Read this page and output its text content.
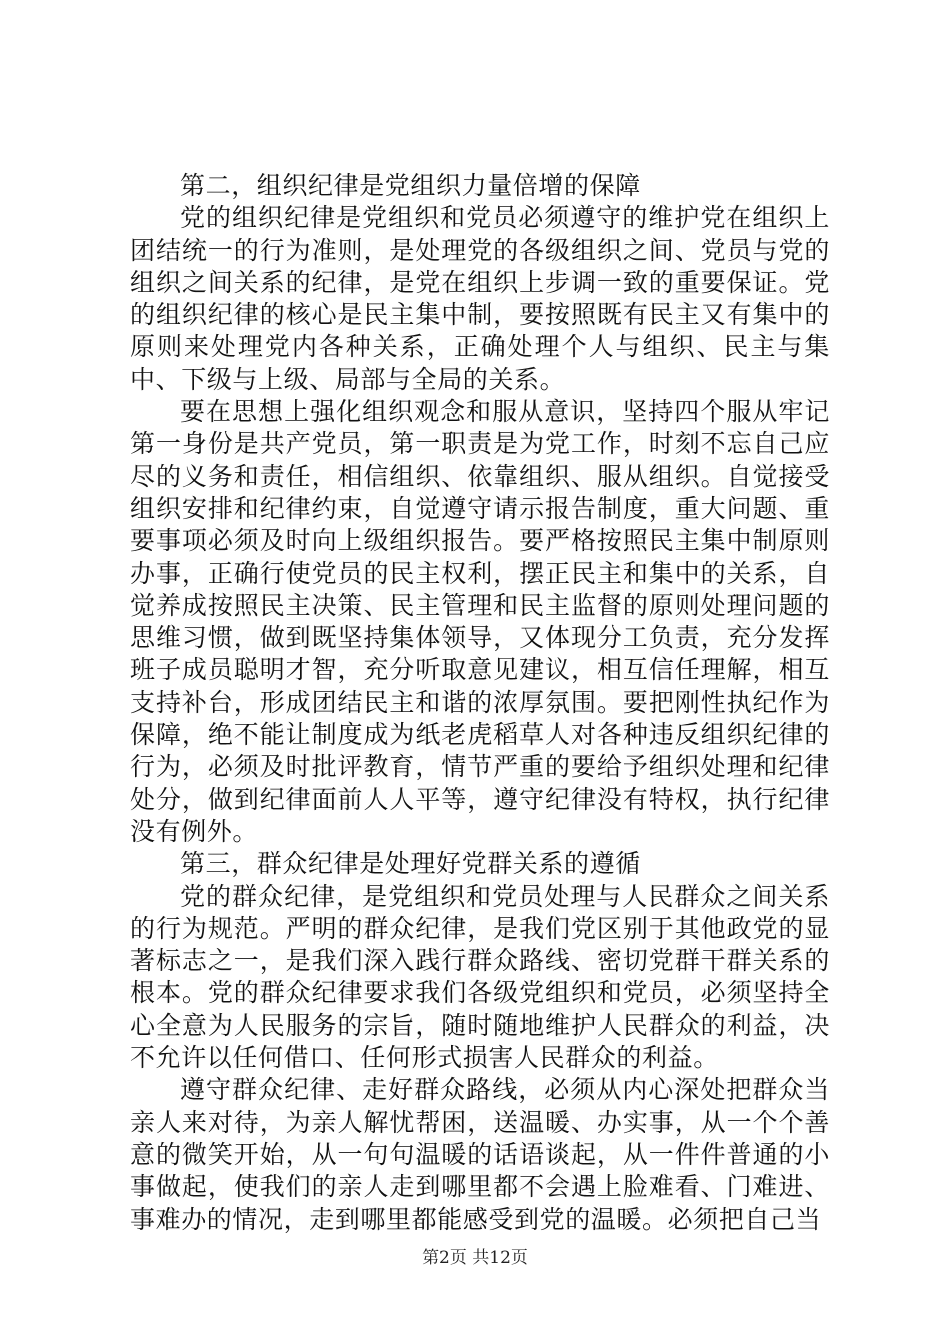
第二，组织纪律是党组织力量倍增的保障

党的组织纪律是党组织和党员必须遵守的维护党在组织上团结统一的行为准则，是处理党的各级组织之间、党员与党的组织之间关系的纪律，是党在组织上步调一致的重要保证。党的组织纪律的核心是民主集中制，要按照既有民主又有集中的原则来处理党内各种关系，正确处理个人与组织、民主与集中、下级与上级、局部与全局的关系。

要在思想上强化组织观念和服从意识，坚持四个服从牢记第一身份是共产党员，第一职责是为党工作，时刻不忘自己应尽的义务和责任，相信组织、依靠组织、服从组织。自觉接受组织安排和纪律约束，自觉遵守请示报告制度，重大问题、重要事项必须及时向上级组织报告。要严格按照民主集中制原则办事，正确行使党员的民主权利，摆正民主和集中的关系，自觉养成按照民主决策、民主管理和民主监督的原则处理问题的思维习惯，做到既坚持集体领导，又体现分工负责，充分发挥班子成员聪明才智，充分听取意见建议，相互信任理解，相互支持补台，形成团结民主和谐的浓厚氛围。要把刚性执纪作为保障，绝不能让制度成为纸老虎稻草人对各种违反组织纪律的行为，必须及时批评教育，情节严重的要给予组织处理和纪律处分，做到纪律面前人人平等，遵守纪律没有特权，执行纪律没有例外。

第三，群众纪律是处理好党群关系的遵循

党的群众纪律，是党组织和党员处理与人民群众之间关系的行为规范。严明的群众纪律，是我们党区别于其他政党的显著标志之一，是我们深入践行群众路线、密切党群干群关系的根本。党的群众纪律要求我们各级党组织和党员，必须坚持全心全意为人民服务的宗旨，随时随地维护人民群众的利益，决不允许以任何借口、任何形式损害人民群众的利益。

遵守群众纪律、走好群众路线，必须从内心深处把群众当亲人来对待，为亲人解忧帮困，送温暖、办实事，从一个个善意的微笑开始，从一句句温暖的话语谈起，从一件件普通的小事做起，使我们的亲人走到哪里都不会遇上脸难看、门难进、事难办的情况，走到哪里都能感受到党的温暖。必须把自己当

第2页 共12页
